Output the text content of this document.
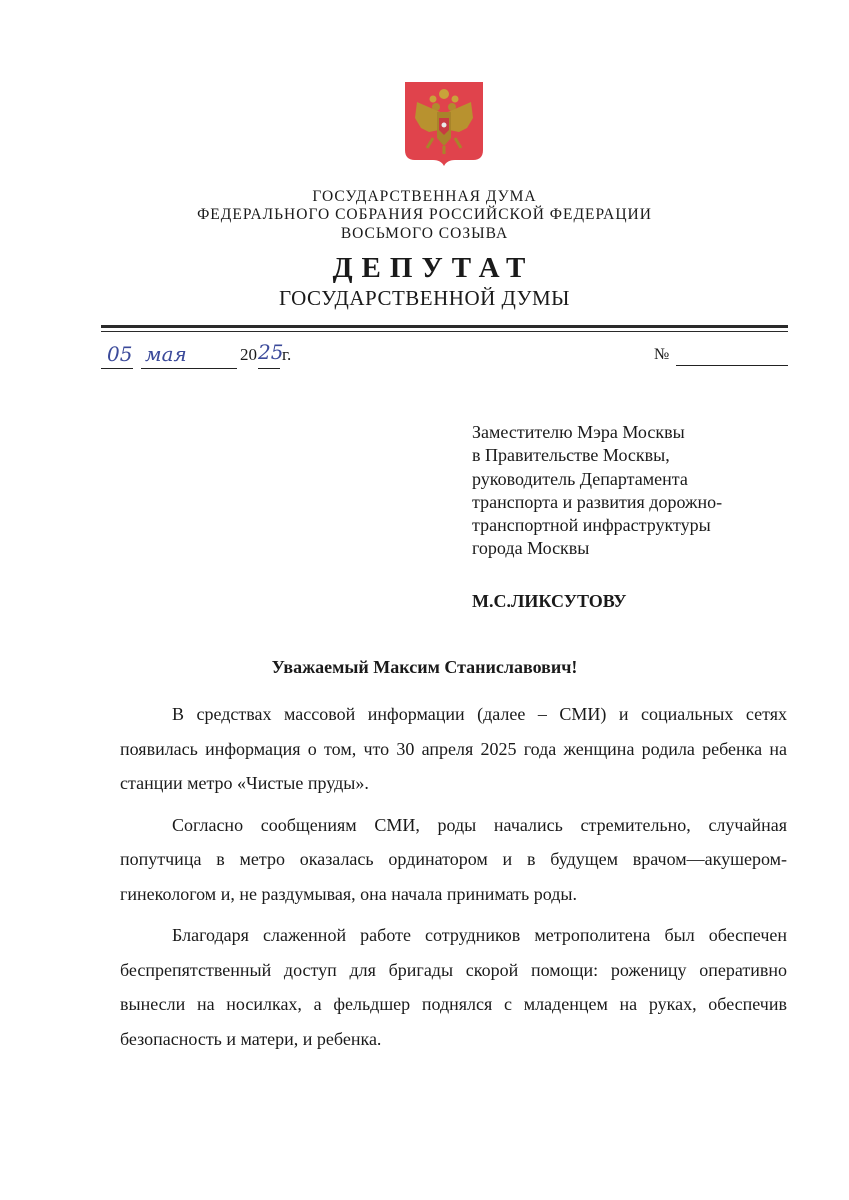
ГОСУДАРСТВЕННАЯ ДУМА

ФЕДЕРАЛЬНОГО СОБРАНИЯ РОССИЙСКОЙ ФЕДЕРАЦИИ

ВОСЬМОГО СОЗЫВА

ДЕПУТАТ

ГОСУДАРСТВЕННОЙ ДУМЫ

05 мая	20 25
г.	№
Заместителю Мэра Москвы
в Правительстве Москвы,
руководитель Департамента
транспорта и развития дорожно-
транспортной инфраструктуры
города Москвы
М.С.ЛИКСУТОВУ
Уважаемый Максим Станиславович!

В средствах массовой информации (далее – СМИ) и социальных сетях появилась информация о том, что 30 апреля 2025 года женщина родила ребенка на станции метро «Чистые пруды».

Согласно сообщениям СМИ, роды начались стремительно, случайная попутчица в метро оказалась ординатором и в будущем врачом—акушером-гинекологом и, не раздумывая, она начала принимать роды.

Благодаря слаженной работе сотрудников метрополитена был обеспечен беспрепятственный доступ для бригады скорой помощи: роженицу оперативно вынесли на носилках, а фельдшер поднялся с младенцем на руках, обеспечив безопасность и матери, и ребенка.
